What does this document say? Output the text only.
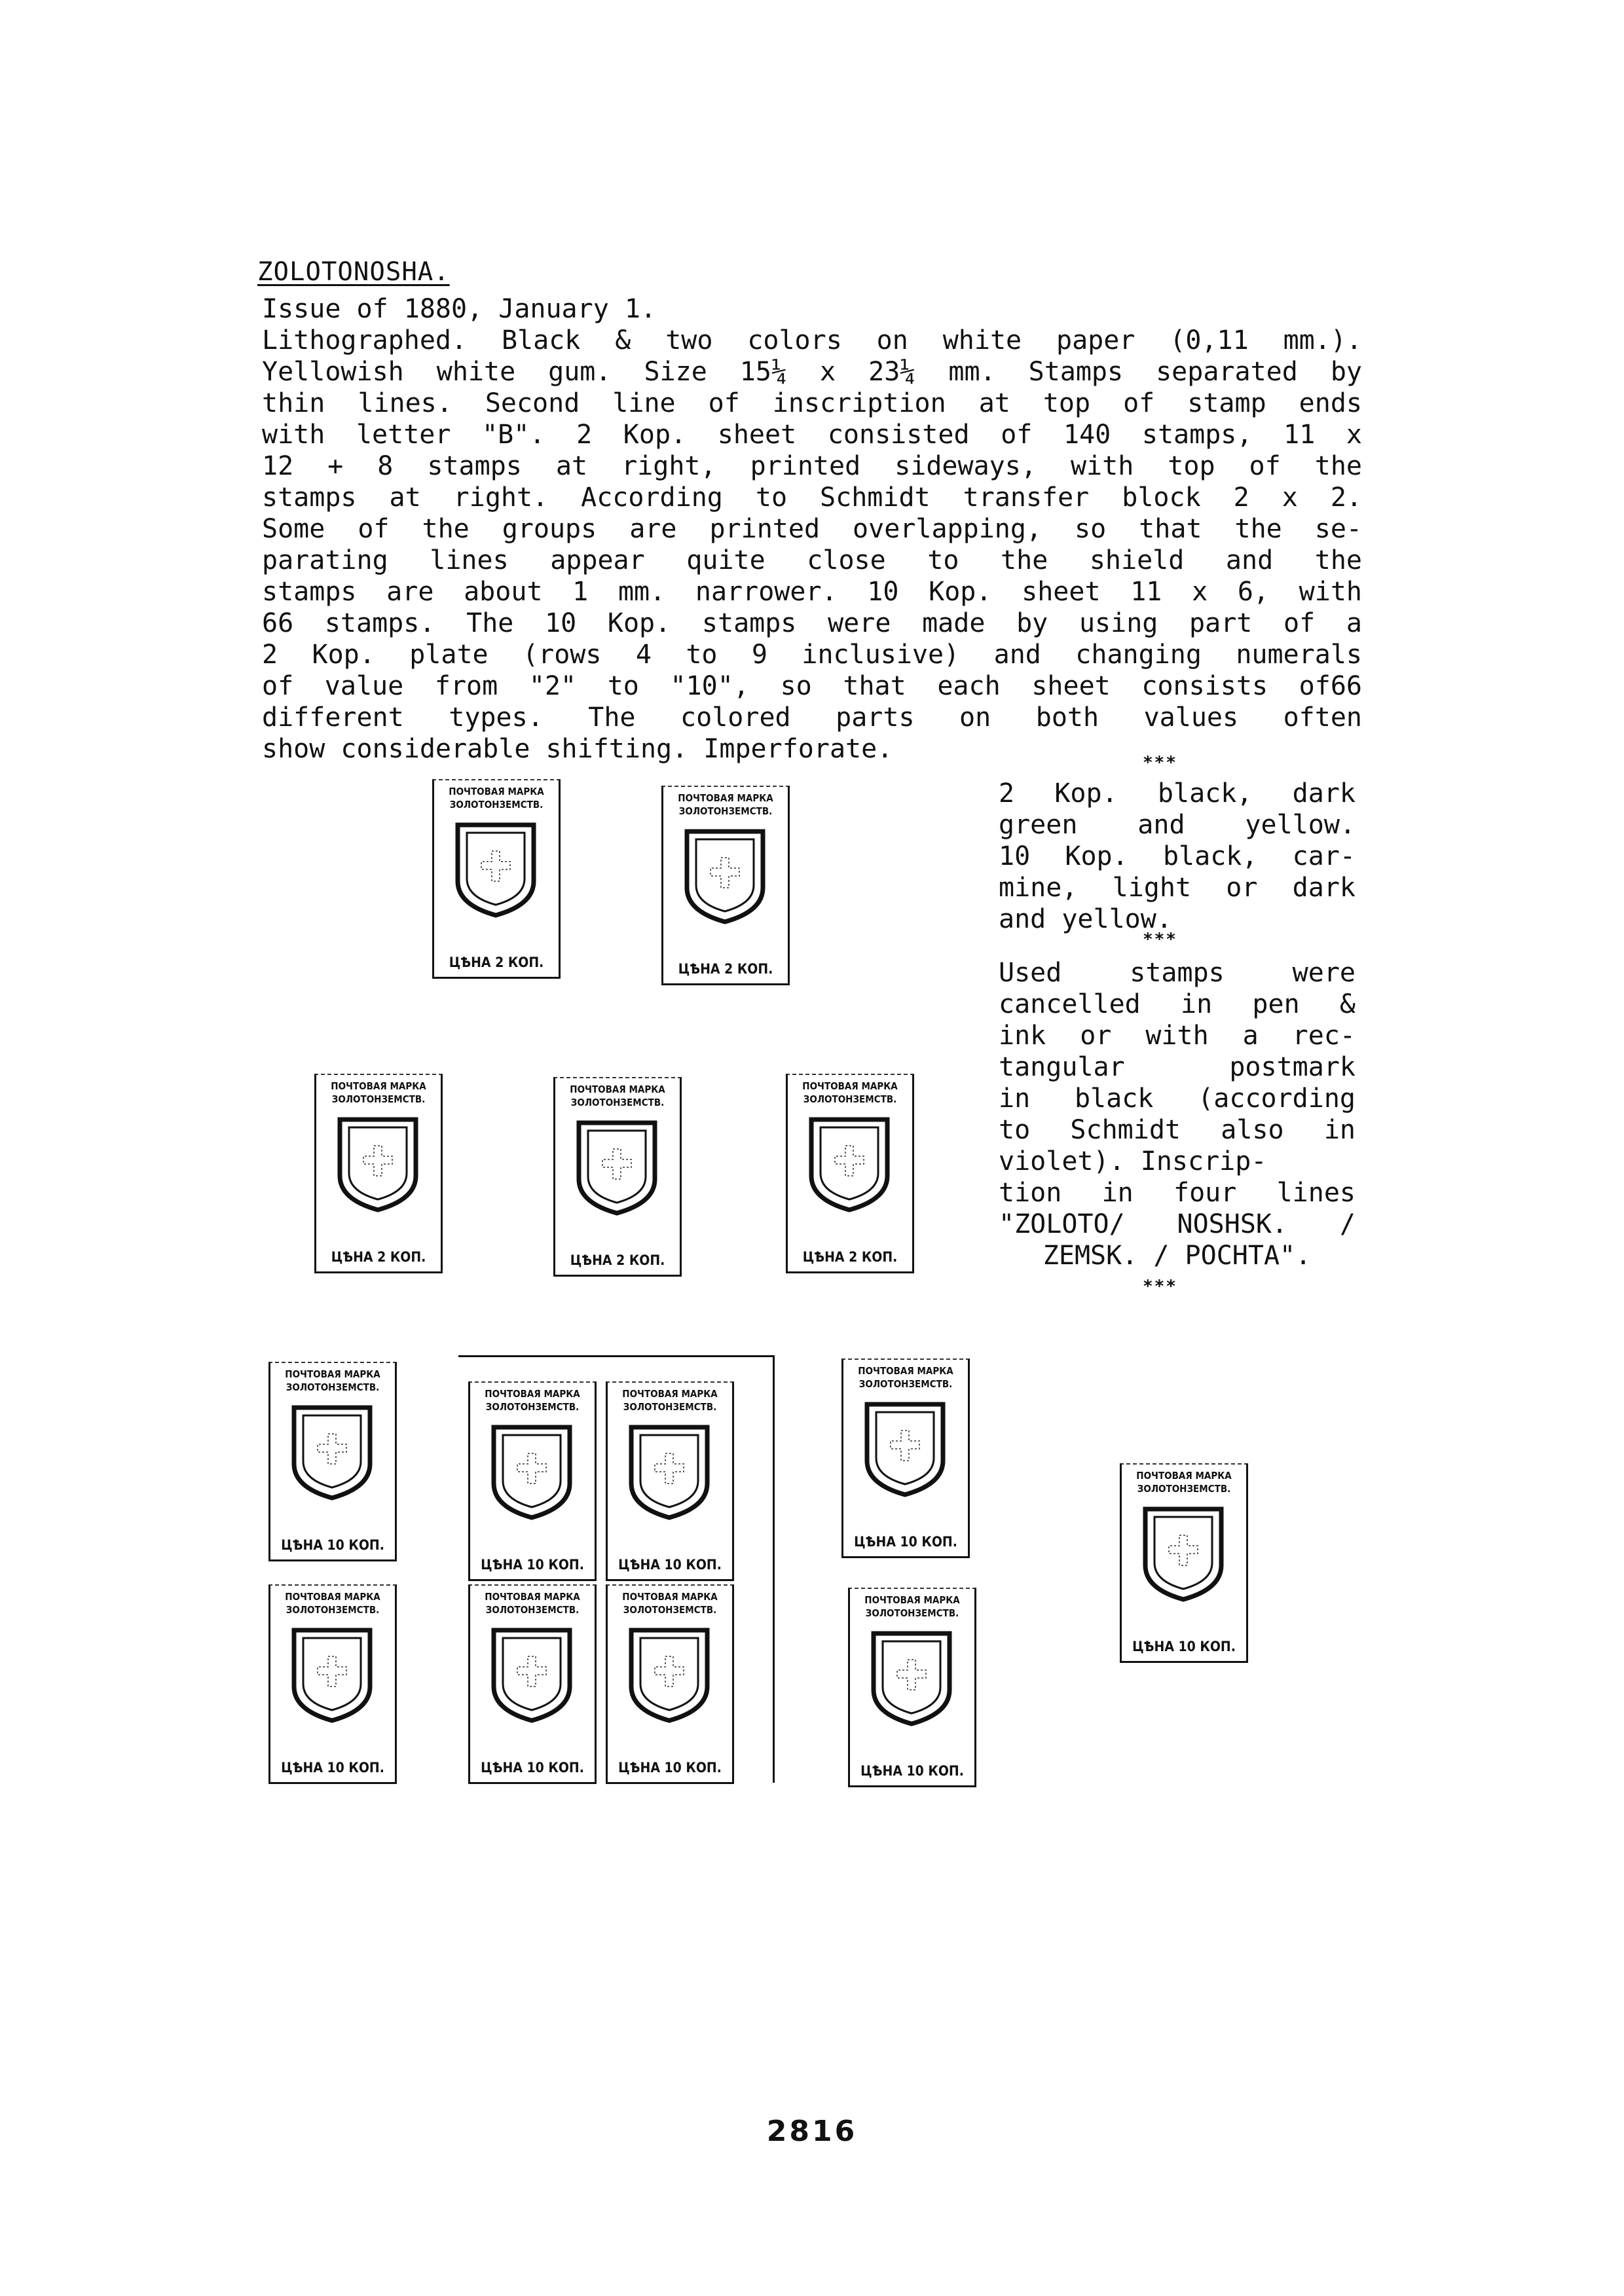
ZOLOTONOSHA.
Issue of 1880, January 1.
Lithographed. Black & two colors on white paper (0,11 mm.).
Yellowish white gum. Size 15¼ x 23¼ mm. Stamps separated by
thin lines. Second line of inscription at top of stamp ends
with letter "B". 2 Kop. sheet consisted of 140 stamps, 11 x
12 + 8 stamps at right, printed sideways, with top of the
stamps at right. According to Schmidt transfer block 2 x 2.
Some of the groups are printed overlapping, so that the se-
parating lines appear quite close to the shield and the
stamps are about 1 mm. narrower. 10 Kop. sheet 11 x 6, with
66 stamps. The 10 Kop. stamps were made by using part of a
2 Kop. plate (rows 4 to 9 inclusive) and changing numerals
of value from "2" to "10", so that each sheet consists of66
different types. The colored parts on both values often
show considerable shifting. Imperforate.	***
2 Kop. black, dark
green and yellow.
10 Kop. black, car-
mine, light or dark
and yellow.
***
Used stamps were
cancelled in pen &
ink or with a rec-
tangular postmark
in black (according
to Schmidt also in
violet). Inscrip-
tion in four lines
"ZOLOTO/ NOSHSK. /
ZEMSK. / POCHTA".
***
ПОЧТОВАЯ МАРКА
ЗОЛОТОНЗЕМСТВ.
ЦѢНА 2 КОП.
ПОЧТОВАЯ МАРКА
ЗОЛОТОНЗЕМСТВ.
ЦѢНА 2 КОП.
ПОЧТОВАЯ МАРКА
ЗОЛОТОНЗЕМСТВ.
ЦѢНА 2 КОП.
ПОЧТОВАЯ МАРКА
ЗОЛОТОНЗЕМСТВ.
ЦѢНА 2 КОП.
ПОЧТОВАЯ МАРКА
ЗОЛОТОНЗЕМСТВ.
ЦѢНА 2 КОП.
ПОЧТОВАЯ МАРКА
ЗОЛОТОНЗЕМСТВ.
ЦѢНА 10 КОП.
ПОЧТОВАЯ МАРКА
ЗОЛОТОНЗЕМСТВ.
ЦѢНА 10 КОП.
ПОЧТОВАЯ МАРКА
ЗОЛОТОНЗЕМСТВ.
ЦѢНА 10 КОП.
ПОЧТОВАЯ МАРКА
ЗОЛОТОНЗЕМСТВ.
ЦѢНА 10 КОП.
ПОЧТОВАЯ МАРКА
ЗОЛОТОНЗЕМСТВ.
ЦѢНА 10 КОП.
ПОЧТОВАЯ МАРКА
ЗОЛОТОНЗЕМСТВ.
ЦѢНА 10 КОП.
ПОЧТОВАЯ МАРКА
ЗОЛОТОНЗЕМСТВ.
ЦѢНА 10 КОП.
ПОЧТОВАЯ МАРКА
ЗОЛОТОНЗЕМСТВ.
ЦѢНА 10 КОП.
ПОЧТОВАЯ МАРКА
ЗОЛОТОНЗЕМСТВ.
ЦѢНА 10 КОП.
2816
